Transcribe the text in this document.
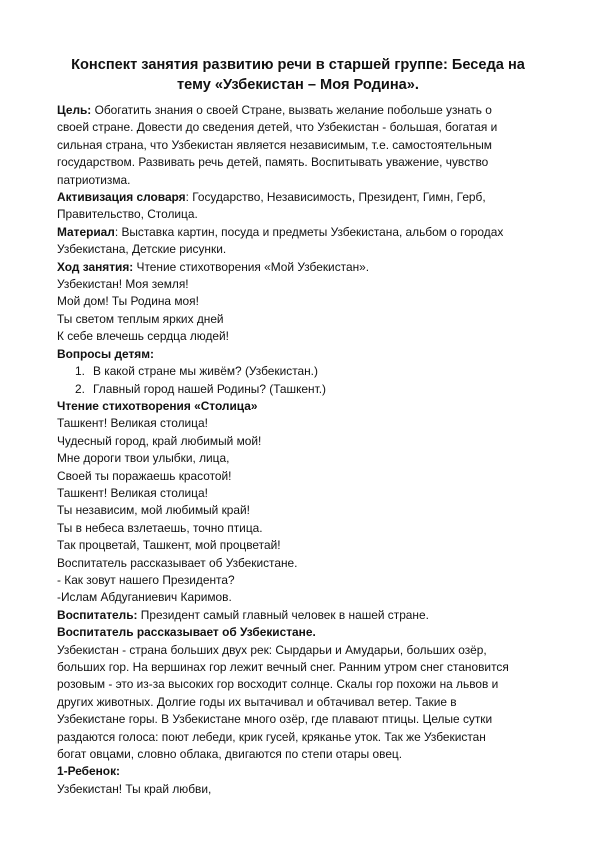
Конспект занятия развитию речи в старшей группе: Беседа на
тему «Узбекистан – Моя Родина».
Цель: Обогатить знания о своей Стране, вызвать желание побольше узнать о
своей стране. Довести до сведения детей, что Узбекистан - большая, богатая и
сильная страна, что Узбекистан является независимым, т.е. самостоятельным
государством. Развивать речь детей, память. Воспитывать уважение, чувство
патриотизма.
Активизация словаря: Государство, Независимость, Президент, Гимн, Герб,
Правительство, Столица.
Материал: Выставка картин, посуда и предметы Узбекистана, альбом о городах
Узбекистана, Детские рисунки.
Ход занятия: Чтение стихотворения «Мой Узбекистан».
Узбекистан! Моя земля!
Мой дом! Ты Родина моя!
Ты светом теплым ярких дней
К себе влечешь сердца людей!
Вопросы детям:
1. В какой стране мы живём? (Узбекистан.)
2. Главный город нашей Родины? (Ташкент.)
Чтение стихотворения «Столица»
Ташкент! Великая столица!
Чудесный город, край любимый мой!
Мне дороги твои улыбки, лица,
Своей ты поражаешь красотой!
Ташкент! Великая столица!
Ты независим, мой любимый край!
Ты в небеса взлетаешь, точно птица.
Так процветай, Ташкент, мой процветай!
Воспитатель рассказывает об Узбекистане.
- Как зовут нашего Президента?
-Ислам Абдуганиевич Каримов.
Воспитатель: Президент самый главный человек в нашей стране.
Воспитатель рассказывает об Узбекистане.
Узбекистан - страна больших двух рек: Сырдарьи и Амударьи, больших озёр,
больших гор. На вершинах гор лежит вечный снег. Ранним утром снег становится
розовым - это из-за высоких гор восходит солнце. Скалы гор похожи на львов и
других животных. Долгие годы их вытачивал и обтачивал ветер. Такие в
Узбекистане горы. В Узбекистане много озёр, где плавают птицы. Целые сутки
раздаются голоса: поют лебеди, крик гусей, кряканье уток. Так же Узбекистан
богат овцами, словно облака, двигаются по степи отары овец.
1-Ребенок:
Узбекистан! Ты край любви,
